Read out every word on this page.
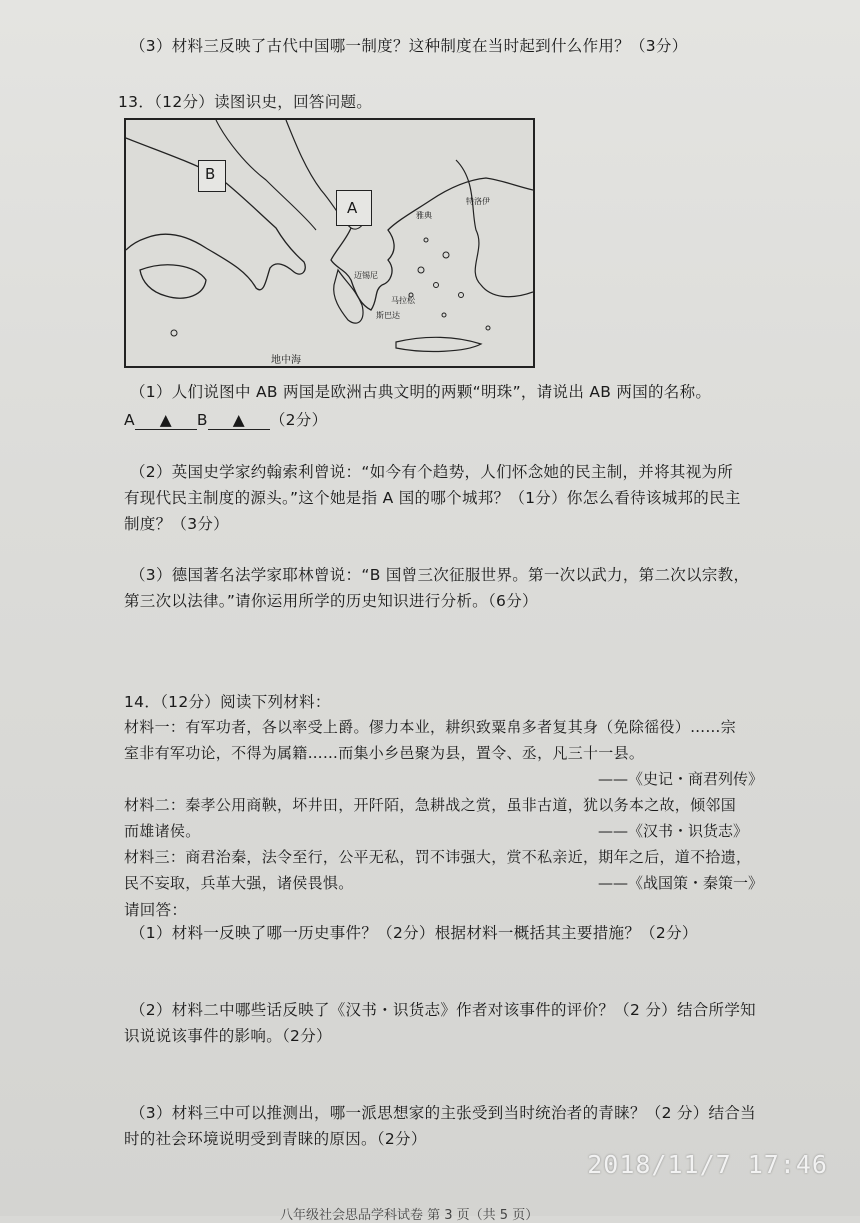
（3）材料三反映了古代中国哪一制度？这种制度在当时起到什么作用？（3分）
13．（12分）读图识史，回答问题。
B
A	特洛伊
雅典
迈锡尼
马拉松
斯巴达
地中海
（1）人们说图中 AB 两国是欧洲古典文明的两颗“明珠”，请说出 AB 两国的名称。
A ▲ B ▲ （2分）
（2）英国史学家约翰索利曾说：“如今有个趋势，人们怀念她的民主制，并将其视为所
有现代民主制度的源头。”这个她是指 A 国的哪个城邦？（1分）你怎么看待该城邦的民主
制度？（3分）
（3）德国著名法学家耶林曾说：“B 国曾三次征服世界。第一次以武力，第二次以宗教，
第三次以法律。”请你运用所学的历史知识进行分析。（6分）
14．（12分）阅读下列材料：
材料一：有军功者，各以率受上爵。僇力本业，耕织致粟帛多者复其身（免除徭役）……宗
室非有军功论，不得为属籍……而集小乡邑聚为县，置令、丞，凡三十一县。
——《史记・商君列传》
材料二：秦孝公用商鞅，坏井田，开阡陌，急耕战之赏，虽非古道，犹以务本之故，倾邻国
而雄诸侯。	——《汉书・识货志》
材料三：商君治秦，法令至行，公平无私，罚不讳强大，赏不私亲近，期年之后，道不拾遗，
民不妄取，兵革大强，诸侯畏惧。	——《战国策・秦策一》
请回答：
（1）材料一反映了哪一历史事件？（2分）根据材料一概括其主要措施？（2分）
（2）材料二中哪些话反映了《汉书・识货志》作者对该事件的评价？（2 分）结合所学知
识说说该事件的影响。（2分）
（3）材料三中可以推测出，哪一派思想家的主张受到当时统治者的青睐？（2 分）结合当
时的社会环境说明受到青睐的原因。（2分）
2018/11/7 17:46
八年级社会思品学科试卷 第 3 页（共 5 页）
